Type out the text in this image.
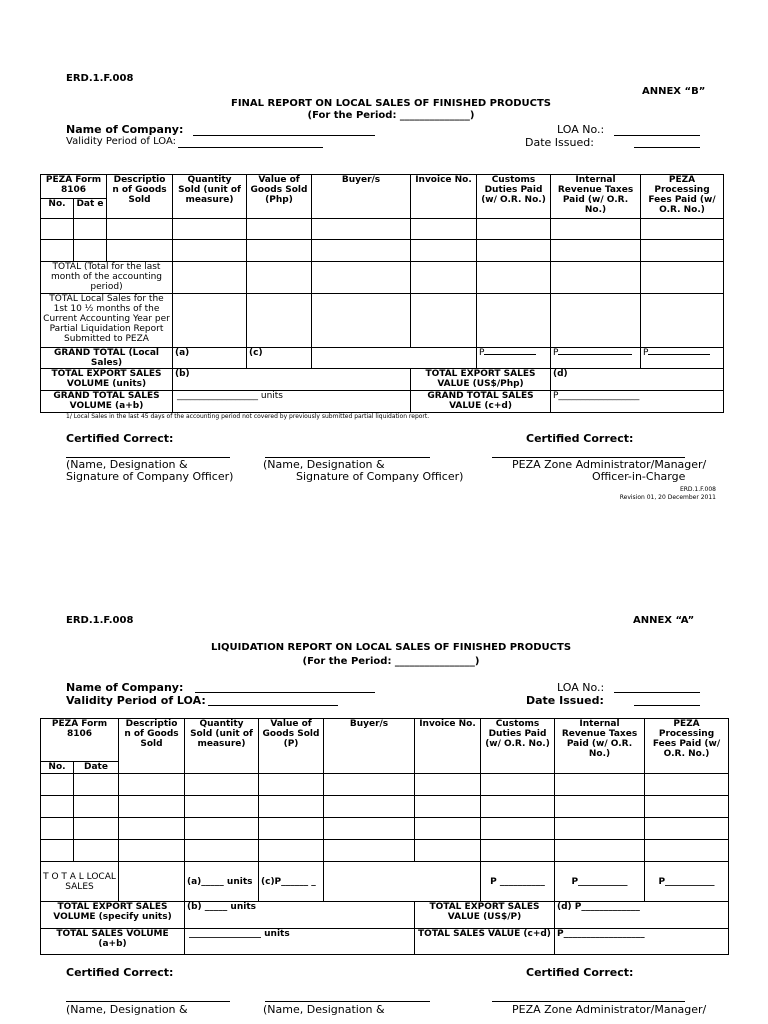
ERD.1.F.008
ANNEX “B”
FINAL REPORT ON LOCAL SALES OF FINISHED PRODUCTS
(For the Period: ______________)
Name of Company:
Validity Period of LOA:
LOA No.:
Date Issued:
PEZA Form 8106		Descriptio n of Goods Sold	Quantity Sold (unit of measure)	Value of Goods Sold (Php)	Buyer/s	Invoice No.	Customs Duties Paid (w/ O.R. No.)	Internal Revenue Taxes Paid (w/ O.R. No.)	PEZA Processing Fees Paid (w/ O.R. No.)
No.	Dat e								

TOTAL (Total for the last month of the accounting period)									
TOTAL Local Sales for the 1st 10 ½ months of the Current Accounting Year per Partial Liquidation Report Submitted to PEZA									
GRAND TOTAL (Local Sales)			(a)	(c)			P	P	P
TOTAL EXPORT SALES VOLUME (units)			(b)			TOTAL EXPORT SALES VALUE (US$/Php)		(d)	
GRAND TOTAL SALES VOLUME (a+b)			__________________ units			GRAND TOTAL SALES VALUE (c+d)		P__________________	
1/ Local Sales in the last 45 days of the accounting period not covered by previously submitted partial liquidation report.
Certified Correct:	Certified Correct:
(Name, Designation &
Signature of Company Officer)
(Name, Designation &
Signature of Company Officer)
PEZA Zone Administrator/Manager/
Officer-in-Charge
ERD.1.F.008
Revision 01, 20 December 2011
ERD.1.F.008	ANNEX “A”
LIQUIDATION REPORT ON LOCAL SALES OF FINISHED PRODUCTS
(For the Period: ________________)
Name of Company:
Validity Period of LOA:
LOA No.:
Date Issued:
PEZA Form 8106		Descriptio n of Goods Sold	Quantity Sold (unit of measure)	Value of Goods Sold (P)	Buyer/s	Invoice No.	Customs Duties Paid (w/ O.R. No.)	Internal Revenue Taxes Paid (w/ O.R. No.)	PEZA Processing Fees Paid (w/ O.R. No.)
No.	Date								

T O T A L LOCAL SALES			(a)_____ units	(c)P______ _			P __________	P___________	P___________
TOTAL EXPORT SALES VOLUME (specify units)			(b) _____ units			TOTAL EXPORT SALES VALUE (US$/P)		(d) P_____________	
TOTAL SALES VOLUME (a+b)			________________ units			TOTAL SALES VALUE (c+d)		P__________________	
Certified Correct:	Certified Correct:
(Name, Designation &	(Name, Designation &	PEZA Zone Administrator/Manager/
